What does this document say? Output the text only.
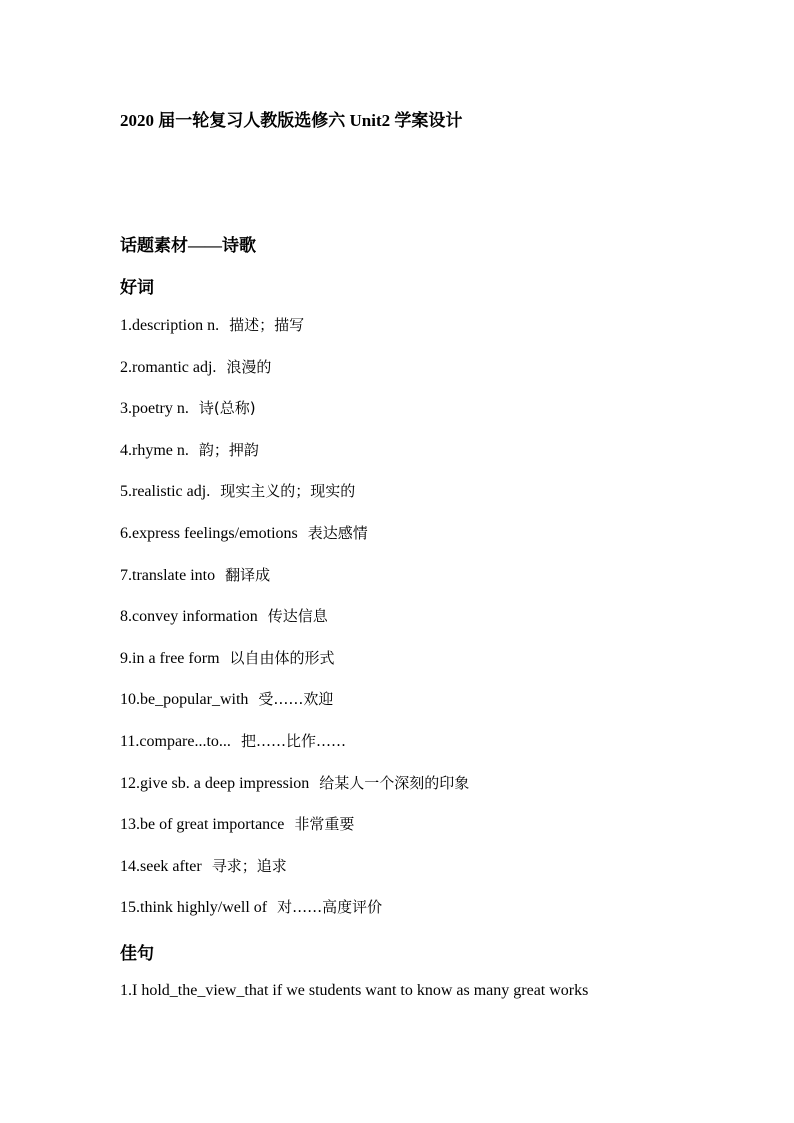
2020 届一轮复习人教版选修六 Unit2 学案设计
话题素材——诗歌
好词
1.description n. 描述；描写
2.romantic adj. 浪漫的
3.poetry n. 诗(总称)
4.rhyme n. 韵；押韵
5.realistic adj. 现实主义的；现实的
6.express feelings/emotions 表达感情
7.translate into 翻译成
8.convey information 传达信息
9.in a free form 以自由体的形式
10.be_popular_with 受……欢迎
11.compare...to... 把……比作……
12.give sb. a deep impression 给某人一个深刻的印象
13.be of great importance 非常重要
14.seek after 寻求；追求
15.think highly/well of 对……高度评价
佳句

1.I hold_the_view_that if we students want to know as many great works
